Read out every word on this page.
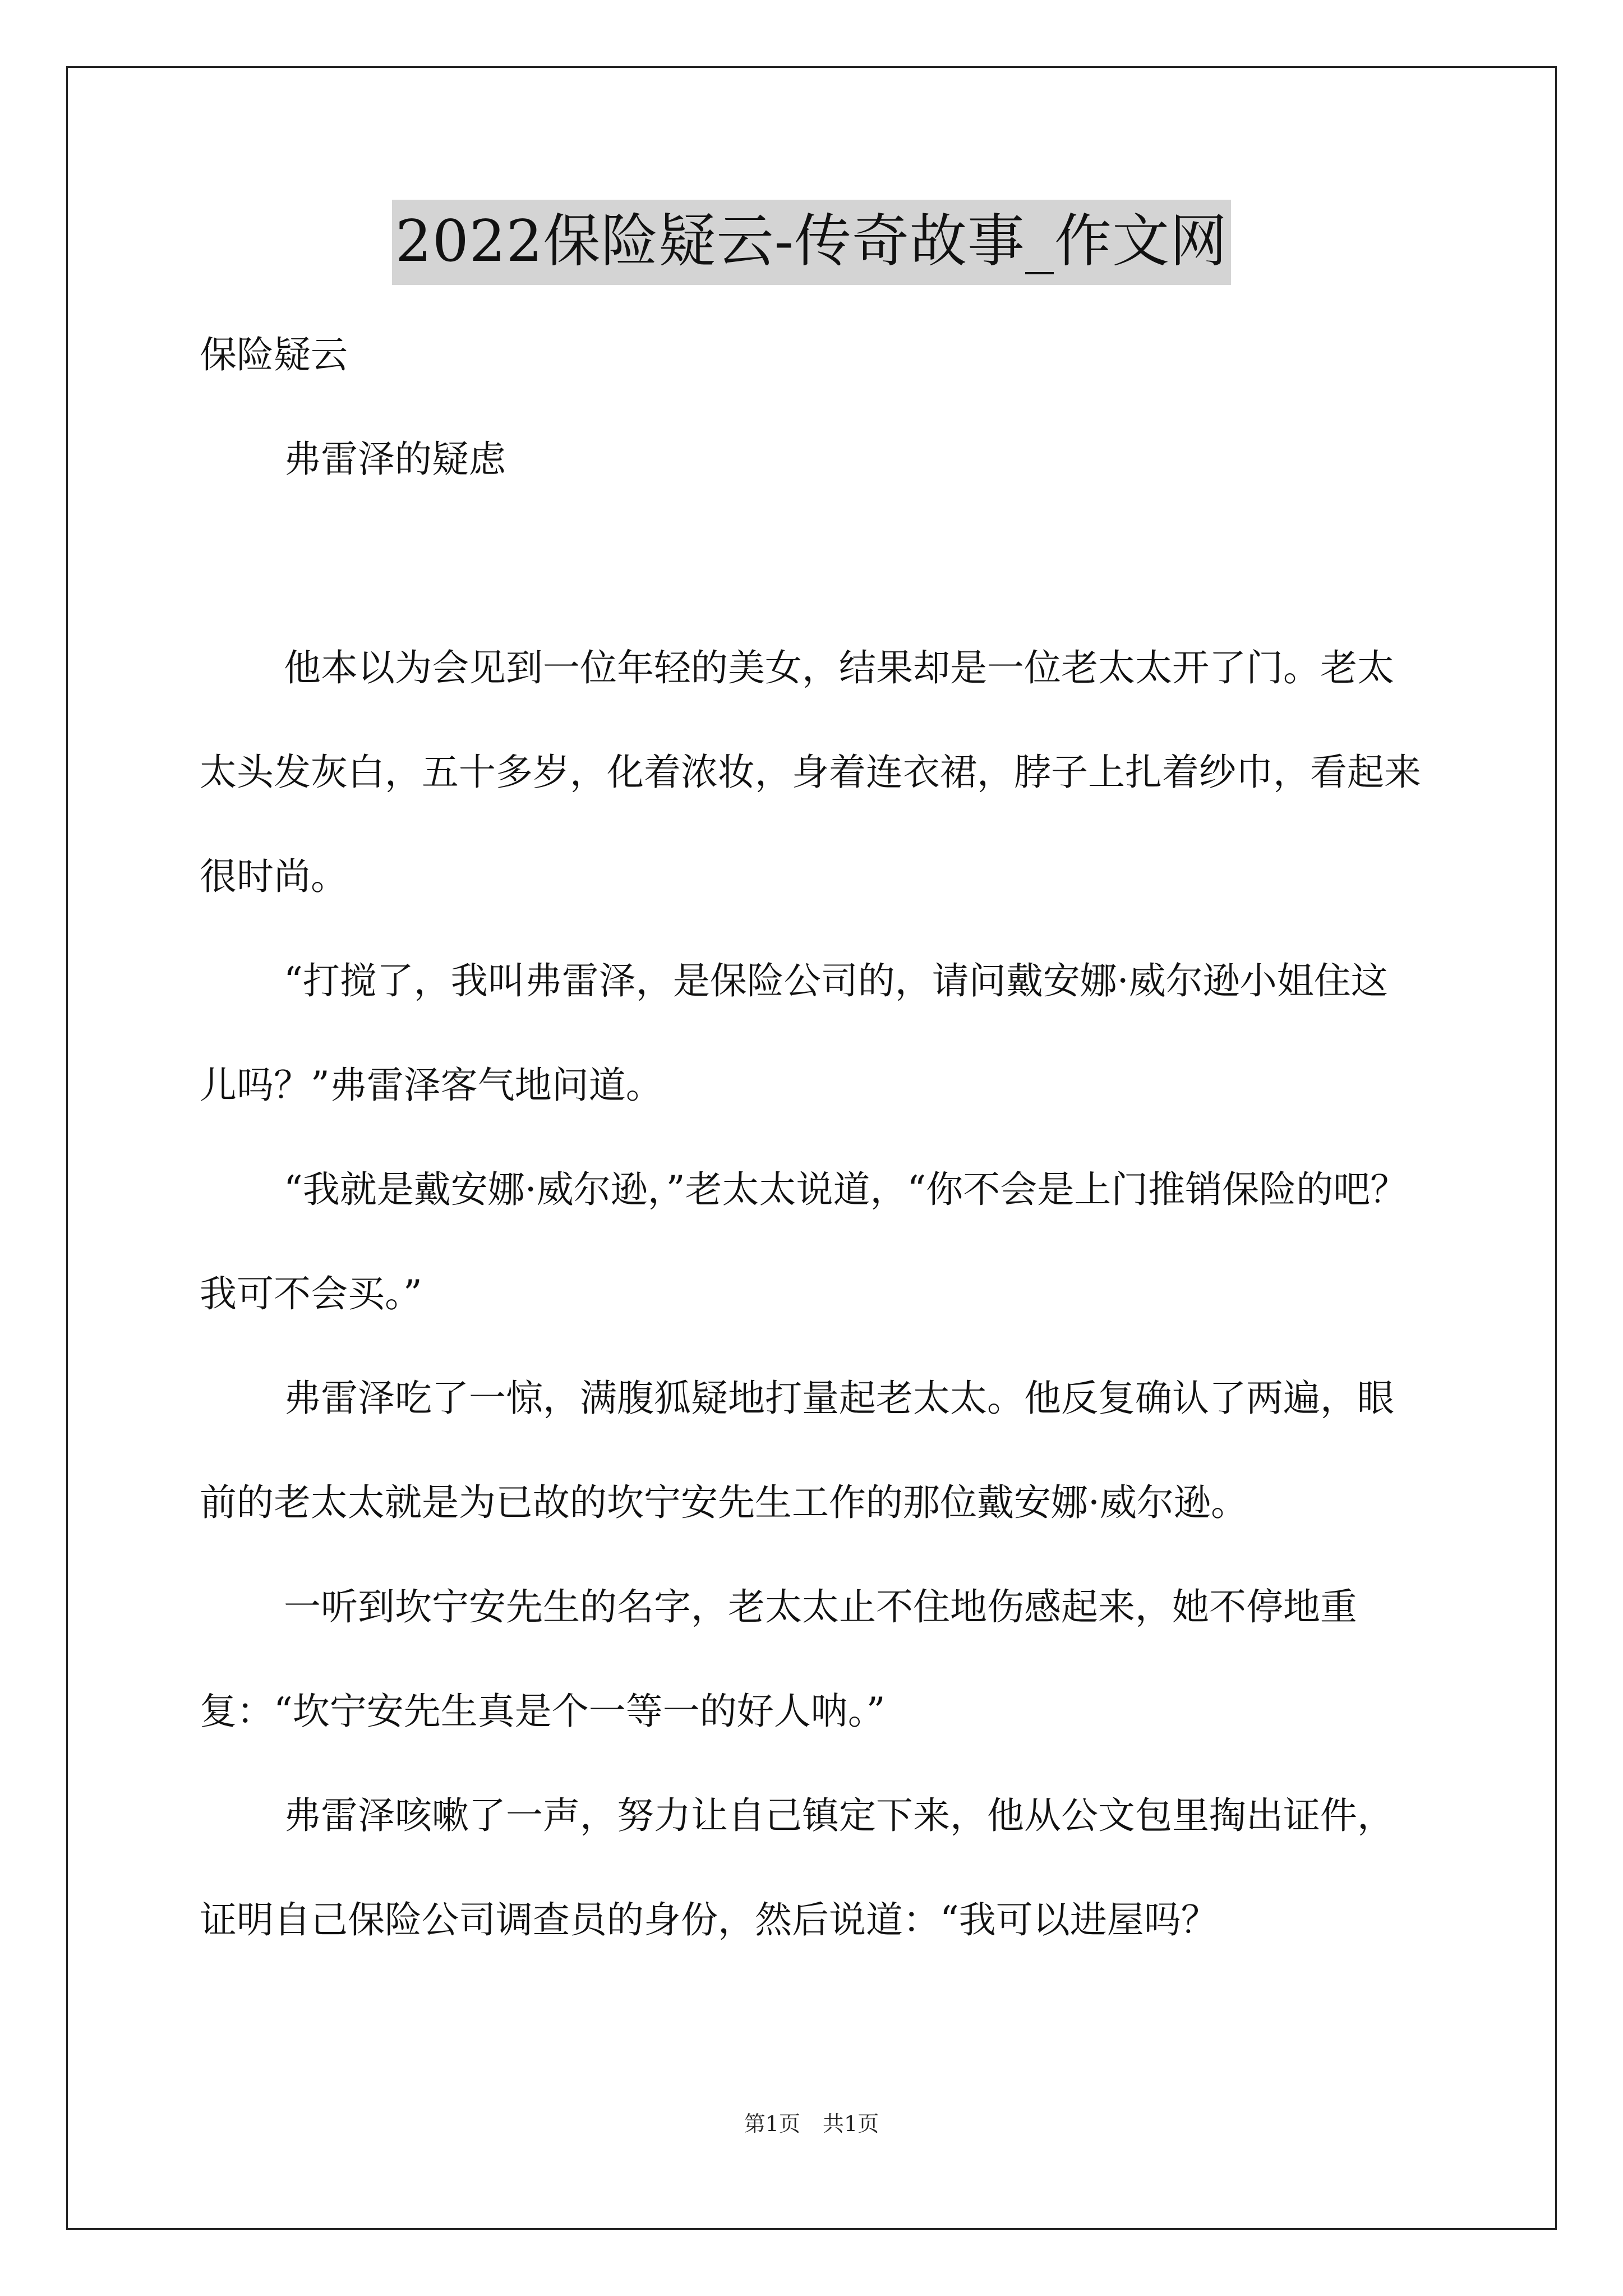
2022保险疑云-传奇故事_作文网

保险疑云

弗雷泽的疑虑

他本以为会见到一位年轻的美女，结果却是一位老太太开了门。老太太头发灰白，五十多岁，化着浓妆，身着连衣裙，脖子上扎着纱巾，看起来很时尚。

“打搅了，我叫弗雷泽，是保险公司的，请问戴安娜·威尔逊小姐住这儿吗？”弗雷泽客气地问道。

“我就是戴安娜·威尔逊，”老太太说道，“你不会是上门推销保险的吧？我可不会买。”

弗雷泽吃了一惊，满腹狐疑地打量起老太太。他反复确认了两遍，眼前的老太太就是为已故的坎宁安先生工作的那位戴安娜·威尔逊。

一听到坎宁安先生的名字，老太太止不住地伤感起来，她不停地重复：“坎宁安先生真是个一等一的好人呐。”

弗雷泽咳嗽了一声，努力让自己镇定下来，他从公文包里掏出证件，证明自己保险公司调查员的身份，然后说道：“我可以进屋吗？

第1页 共1页
